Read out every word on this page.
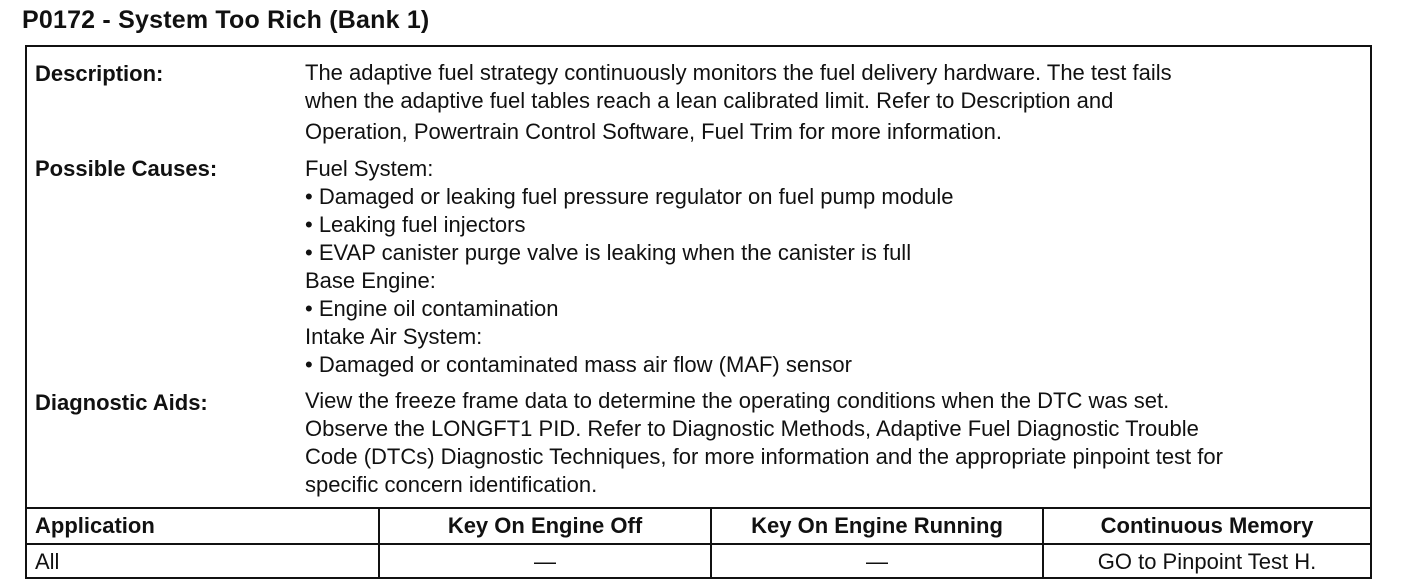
P0172 - System Too Rich (Bank 1)
Description:	The adaptive fuel strategy continuously monitors the fuel delivery hardware. The test fails
when the adaptive fuel tables reach a lean calibrated limit. Refer to Description and
Operation, Powertrain Control Software, Fuel Trim for more information.
Possible Causes:	Fuel System:
• Damaged or leaking fuel pressure regulator on fuel pump module
• Leaking fuel injectors
• EVAP canister purge valve is leaking when the canister is full
Base Engine:
• Engine oil contamination
Intake Air System:
• Damaged or contaminated mass air flow (MAF) sensor
Diagnostic Aids:	View the freeze frame data to determine the operating conditions when the DTC was set.
Observe the LONGFT1 PID. Refer to Diagnostic Methods, Adaptive Fuel Diagnostic Trouble
Code (DTCs) Diagnostic Techniques, for more information and the appropriate pinpoint test for
specific concern identification.
Application	Key On Engine Off	Key On Engine Running	Continuous Memory
All	—	—	GO to Pinpoint Test H.
